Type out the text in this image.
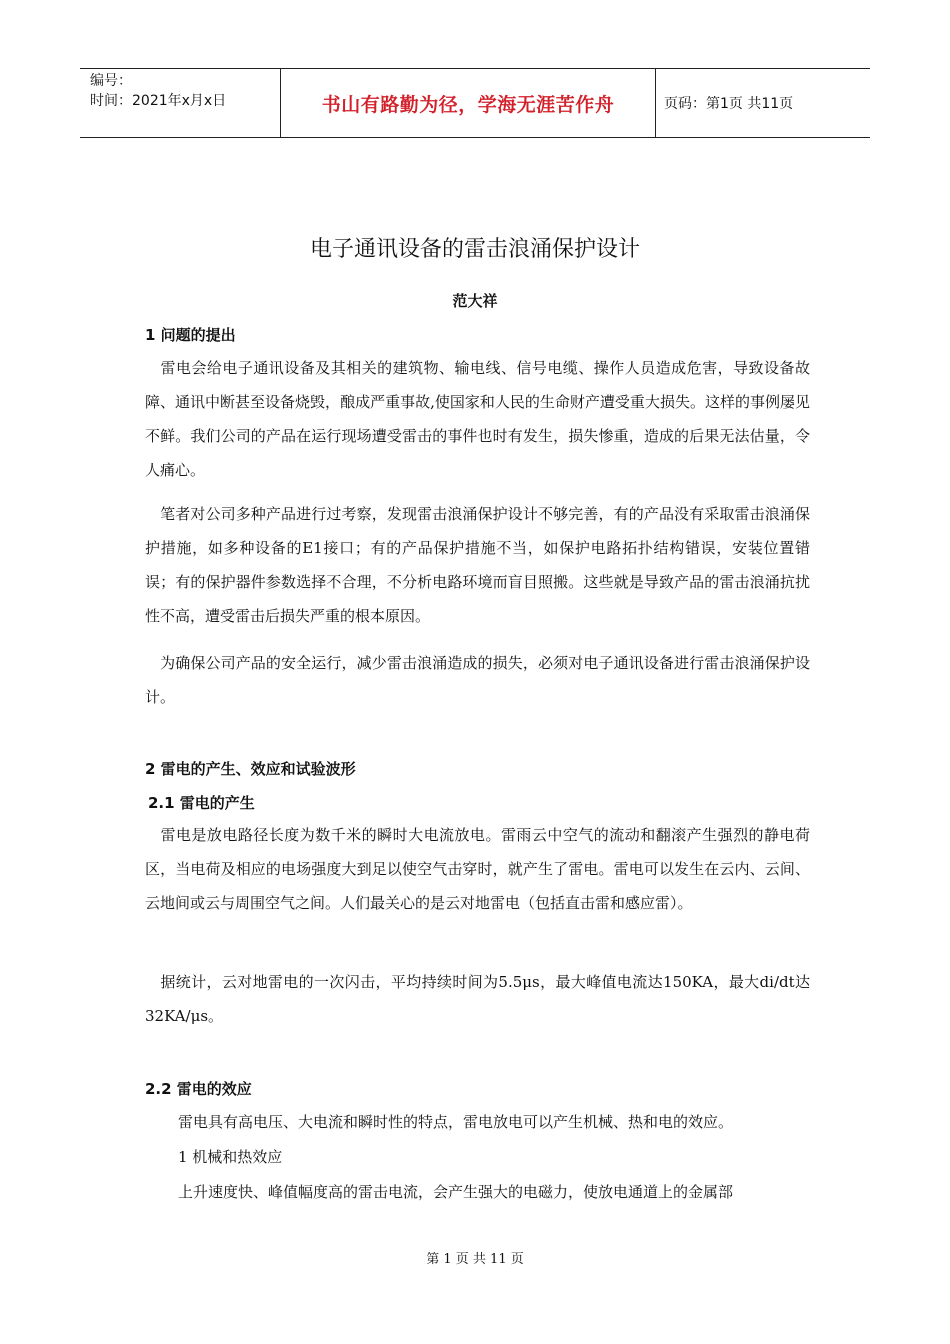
编号：
时间：2021年x月x日	书山有路勤为径，学海无涯苦作舟	页码：第1页 共11页
电子通讯设备的雷击浪涌保护设计
范大祥
1 问题的提出
　雷电会给电子通讯设备及其相关的建筑物、输电线、信号电缆、操作人员造成危害，导致设备故障、通讯中断甚至设备烧毁，酿成严重事故,使国家和人民的生命财产遭受重大损失。这样的事例屡见不鲜。我们公司的产品在运行现场遭受雷击的事件也时有发生，损失惨重，造成的后果无法估量，令人痛心。
　笔者对公司多种产品进行过考察，发现雷击浪涌保护设计不够完善，有的产品没有采取雷击浪涌保护措施，如多种设备的E1接口；有的产品保护措施不当，如保护电路拓扑结构错误，安装位置错误；有的保护器件参数选择不合理，不分析电路环境而盲目照搬。这些就是导致产品的雷击浪涌抗扰性不高，遭受雷击后损失严重的根本原因。
　为确保公司产品的安全运行，减少雷击浪涌造成的损失，必须对电子通讯设备进行雷击浪涌保护设计。
2 雷电的产生、效应和试验波形
2.1 雷电的产生
　雷电是放电路径长度为数千米的瞬时大电流放电。雷雨云中空气的流动和翻滚产生强烈的静电荷区，当电荷及相应的电场强度大到足以使空气击穿时，就产生了雷电。雷电可以发生在云内、云间、云地间或云与周围空气之间。人们最关心的是云对地雷电（包括直击雷和感应雷）。
　据统计，云对地雷电的一次闪击，平均持续时间为5.5μs，最大峰值电流达150KA，最大di/dt达32KA/μs。
2.2 雷电的效应
雷电具有高电压、大电流和瞬时性的特点，雷电放电可以产生机械、热和电的效应。
1 机械和热效应
上升速度快、峰值幅度高的雷击电流，会产生强大的电磁力，使放电通道上的金属部
第 1 页 共 11 页
